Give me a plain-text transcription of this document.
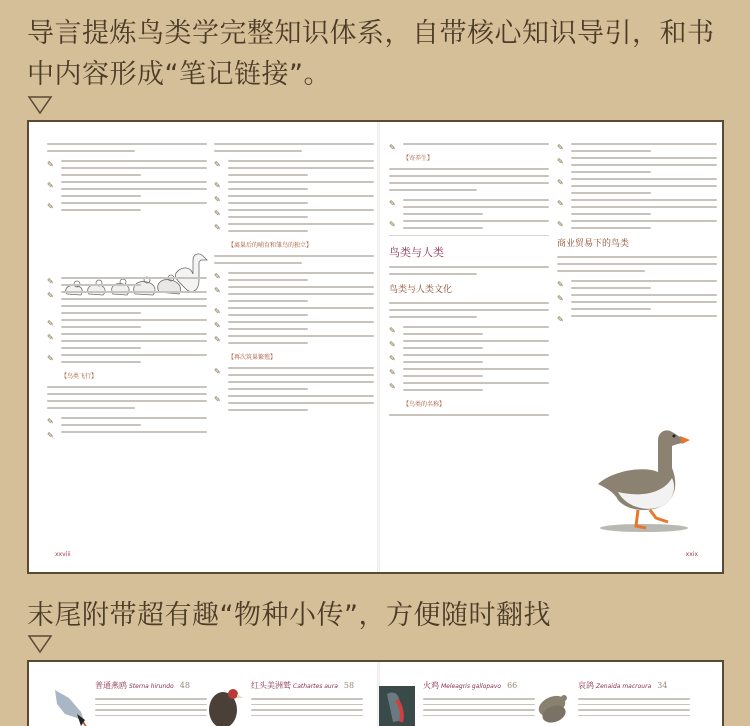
导言提炼鸟类学完整知识体系，自带核心知识导引，和书中内容形成“笔记链接”。
✎
✎
✎
✎
✎
✎
✎
✎
【鸟类飞行】
✎
✎
✎
✎
✎
✎
✎
【离巢后的哺育和雏鸟的独立】
✎
✎
✎
✎
✎
【再次筑巢繁殖】
✎
✎
✎
【寄养生】
✎
✎
鸟类与人类
鸟类与人类文化
✎
✎
✎
✎
✎
【鸟类的名称】
✎
✎
✎
✎
✎
商业贸易下的鸟类
✎
✎
✎
xxviii	xxix
末尾附带超有趣“物种小传”，方便随时翻找
普通燕鸥 Sterna hirundo 48	红头美洲鹫 Cathartes aura 58	火鸡 Meleagris gallopavo 66	哀鸽 Zenaida macroura 34
